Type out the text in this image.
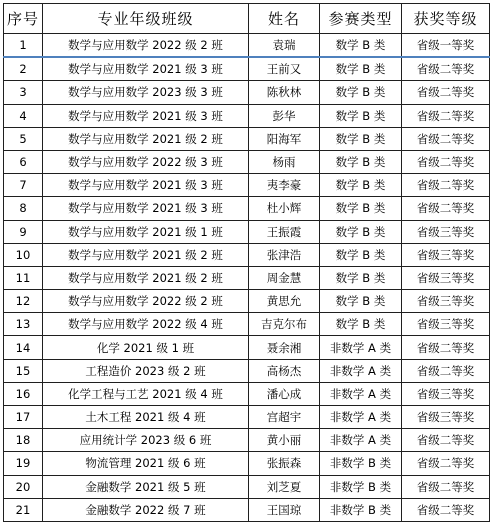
序号	专业年级班级	姓名	参赛类型	获奖等级
1	数学与应用数学 2022 级 2 班	袁瑞	数学 B 类	省级一等奖
2	数学与应用数学 2021 级 3 班	王前又	数学 B 类	省级二等奖
3	数学与应用数学 2023 级 3 班	陈秋林	数学 B 类	省级二等奖
4	数学与应用数学 2021 级 3 班	彭华	数学 B 类	省级二等奖
5	数学与应用数学 2021 级 2 班	阳海军	数学 B 类	省级二等奖
6	数学与应用数学 2022 级 3 班	杨雨	数学 B 类	省级二等奖
7	数学与应用数学 2021 级 3 班	夷李豪	数学 B 类	省级二等奖
8	数学与应用数学 2021 级 3 班	杜小辉	数学 B 类	省级二等奖
9	数学与应用数学 2021 级 1 班	王振霞	数学 B 类	省级三等奖
10	数学与应用数学 2021 级 2 班	张津浩	数学 B 类	省级三等奖
11	数学与应用数学 2021 级 2 班	周金慧	数学 B 类	省级三等奖
12	数学与应用数学 2022 级 2 班	黄思允	数学 B 类	省级三等奖
13	数学与应用数学 2022 级 4 班	吉克尔布	数学 B 类	省级三等奖
14	化学 2021 级 1 班	聂余湘	非数学 A 类	省级二等奖
15	工程造价 2023 级 2 班	高杨杰	非数学 A 类	省级二等奖
16	化学工程与工艺 2021 级 4 班	潘心成	非数学 A 类	省级三等奖
17	土木工程 2021 级 4 班	宫超宇	非数学 A 类	省级三等奖
18	应用统计学 2023 级 6 班	黄小丽	非数学 A 类	省级二等奖
19	物流管理 2021 级 6 班	张振森	非数学 B 类	省级二等奖
20	金融数学 2021 级 5 班	刘芝夏	非数学 B 类	省级二等奖
21	金融数学 2022 级 7 班	王国琼	非数学 B 类	省级二等奖
